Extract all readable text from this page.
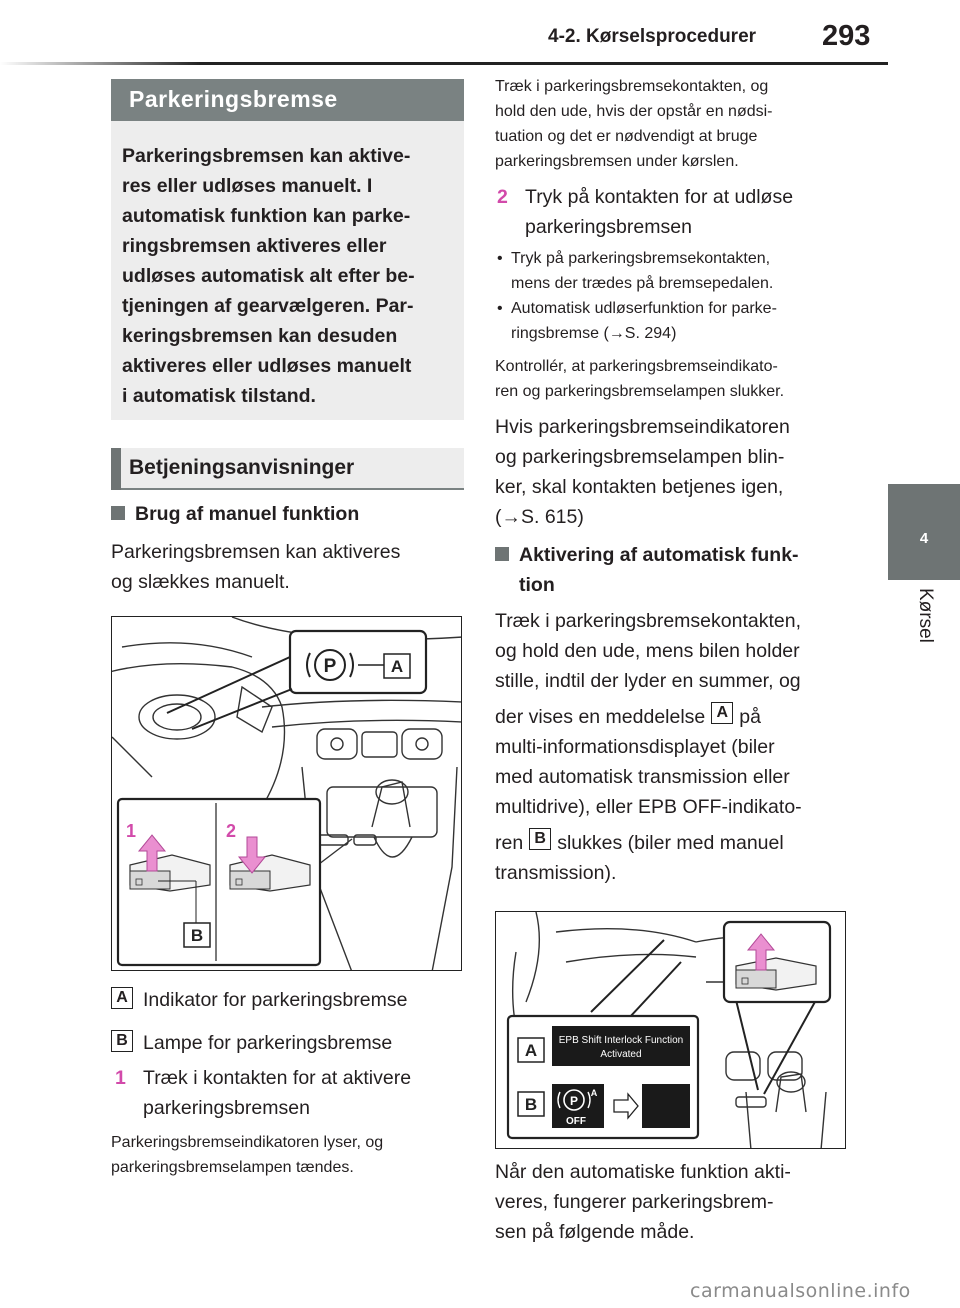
4-2. Kørselsprocedurer 293
4
Kørsel
Parkeringsbremse

Parkeringsbremsen kan aktive-

res eller udløses manuelt. I

automatisk funktion kan parke-

ringsbremsen aktiveres eller

udløses automatisk alt efter be-

tjeningen af gearvælgeren. Par-

keringsbremsen kan desuden

aktiveres eller udløses manuelt

i automatisk tilstand.

Betjeningsanvisninger
Brug af manuel funktion
Parkeringsbremsen kan aktiveres
og slækkes manuelt.
P	A
1	2
B
A Indikator for parkeringsbremse
B Lampe for parkeringsbremse
1 Træk i kontakten for at aktivere
parkeringsbremsen
Parkeringsbremseindikatoren lyser, og
parkeringsbremselampen tændes.
Træk i parkeringsbremsekontakten, og
hold den ude, hvis der opstår en nødsi-
tuation og det er nødvendigt at bruge
parkeringsbremsen under kørslen.
2 Tryk på kontakten for at udløse
parkeringsbremsen
• Tryk på parkeringsbremsekontakten,
mens der trædes på bremsepedalen.
• Automatisk udløserfunktion for parke-
ringsbremse (→S. 294)
Kontrollér, at parkeringsbremseindikato-
ren og parkeringsbremselampen slukker.
Hvis parkeringsbremseindikatoren
og parkeringsbremselampen blin-
ker, skal kontakten betjenes igen,
(→S. 615)
Aktivering af automatisk funk-
tion
Træk i parkeringsbremsekontakten,
og hold den ude, mens bilen holder
stille, indtil der lyder en summer, og
der vises en meddelelse A på
multi-informationsdisplayet (biler
med automatisk transmission eller
multidrive), eller EPB OFF-indikato-
ren B slukkes (biler med manuel
transmission).
A
EPB Shift Interlock Function
Activated
B	P
A
OFF
Når den automatiske funktion akti-
veres, fungerer parkeringsbrem-
sen på følgende måde.
carmanualsonline.info
